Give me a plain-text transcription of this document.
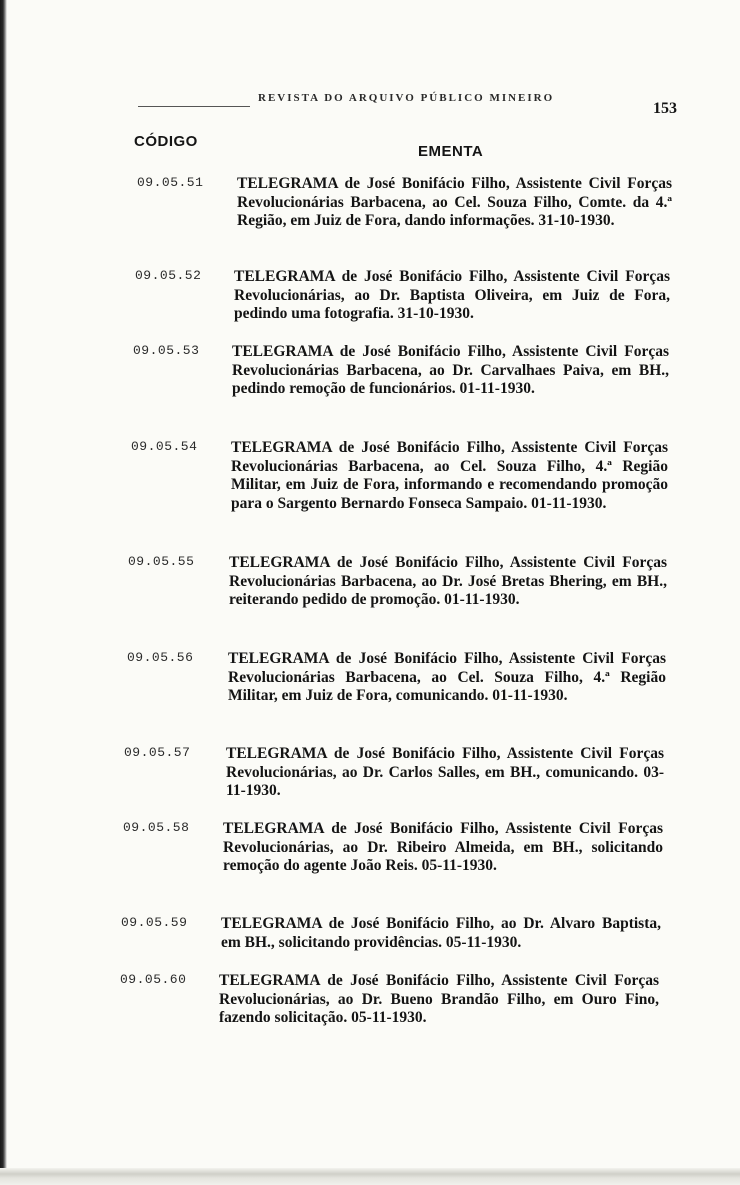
REVISTA DO ARQUIVO PÚBLICO MINEIRO
153
CÓDIGO
EMENTA
09.05.51 TELEGRAMA de José Bonifácio Filho, Assistente Civil Forças Revolucionárias Barbacena, ao Cel. Souza Filho, Comte. da 4.ª Região, em Juiz de Fora, dando informações. 31-10-1930.
09.05.52 TELEGRAMA de José Bonifácio Filho, Assistente Civil Forças Revolucionárias, ao Dr. Baptista Oliveira, em Juiz de Fora, pedindo uma fotografia. 31-10-1930.
09.05.53 TELEGRAMA de José Bonifácio Filho, Assistente Civil Forças Revolucionárias Barbacena, ao Dr. Carvalhaes Paiva, em BH., pedindo remoção de funcionários. 01-11-1930.
09.05.54 TELEGRAMA de José Bonifácio Filho, Assistente Civil Forças Revolucionárias Barbacena, ao Cel. Souza Filho, 4.ª Região Militar, em Juiz de Fora, informando e recomendando promoção para o Sargento Bernardo Fonseca Sampaio. 01-11-1930.
09.05.55 TELEGRAMA de José Bonifácio Filho, Assistente Civil Forças Revolucionárias Barbacena, ao Dr. José Bretas Bhering, em BH., reiterando pedido de promoção. 01-11-1930.
09.05.56 TELEGRAMA de José Bonifácio Filho, Assistente Civil Forças Revolucionárias Barbacena, ao Cel. Souza Filho, 4.ª Região Militar, em Juiz de Fora, comunicando. 01-11-1930.
09.05.57 TELEGRAMA de José Bonifácio Filho, Assistente Civil Forças Revolucionárias, ao Dr. Carlos Salles, em BH., comunicando. 03-11-1930.
09.05.58 TELEGRAMA de José Bonifácio Filho, Assistente Civil Forças Revolucionárias, ao Dr. Ribeiro Almeida, em BH., solicitando remoção do agente João Reis. 05-11-1930.
09.05.59 TELEGRAMA de José Bonifácio Filho, ao Dr. Alvaro Baptista, em BH., solicitando providências. 05-11-1930.
09.05.60 TELEGRAMA de José Bonifácio Filho, Assistente Civil Forças Revolucionárias, ao Dr. Bueno Brandão Filho, em Ouro Fino, fazendo solicitação. 05-11-1930.
